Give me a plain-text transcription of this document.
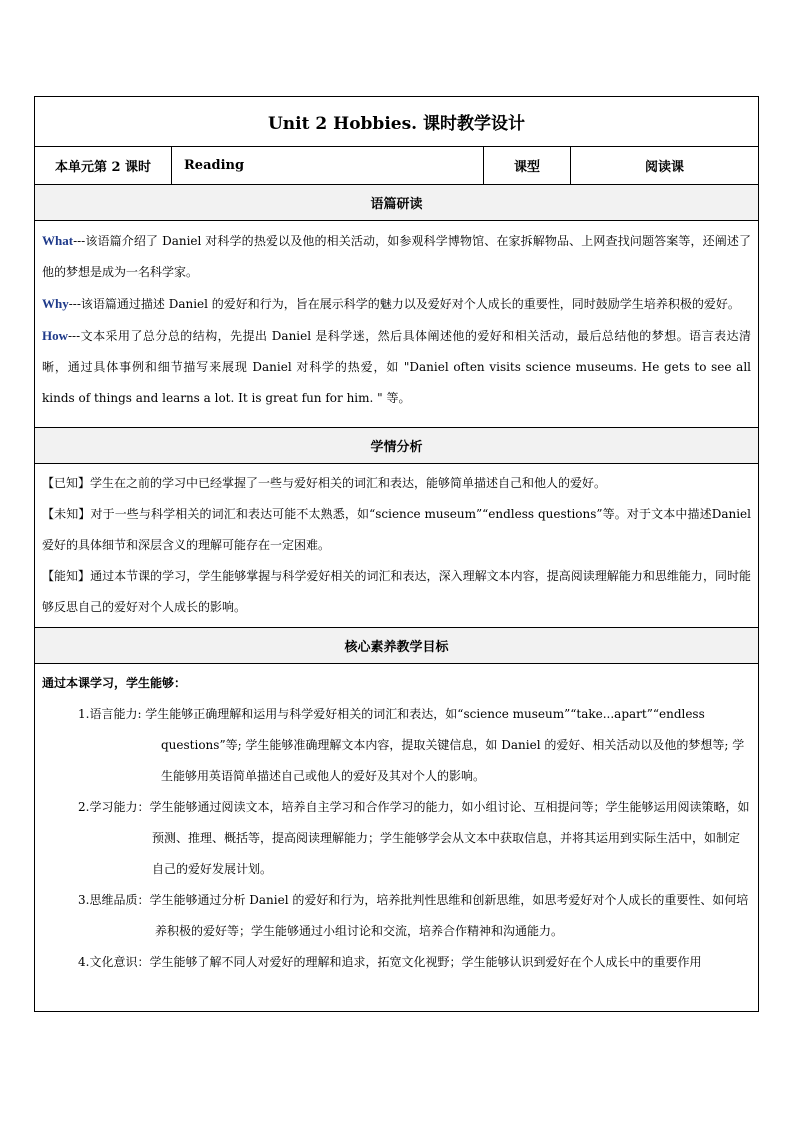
Unit 2 Hobbies. 课时教学设计
本单元第 2 课时	Reading	课型	阅读课
语篇研读

What---该语篇介绍了 Daniel 对科学的热爱以及他的相关活动，如参观科学博物馆、在家拆解物品、上网查找问题答案等，还阐述了他的梦想是成为一名科学家。

Why---该语篇通过描述 Daniel 的爱好和行为，旨在展示科学的魅力以及爱好对个人成长的重要性，同时鼓励学生培养积极的爱好。

How---文本采用了总分总的结构，先提出 Daniel 是科学迷，然后具体阐述他的爱好和相关活动，最后总结他的梦想。语言表达清晰，通过具体事例和细节描写来展现 Daniel 对科学的热爱，如 "Daniel often visits science museums. He gets to see all kinds of things and learns a lot. It is great fun for him. " 等。

学情分析

【已知】学生在之前的学习中已经掌握了一些与爱好相关的词汇和表达，能够简单描述自己和他人的爱好。

【未知】对于一些与科学相关的词汇和表达可能不太熟悉，如“science museum”“endless questions”等。对于文本中描述Daniel爱好的具体细节和深层含义的理解可能存在一定困难。

【能知】通过本节课的学习，学生能够掌握与科学爱好相关的词汇和表达，深入理解文本内容，提高阅读理解能力和思维能力，同时能够反思自己的爱好对个人成长的影响。

核心素养教学目标

通过本课学习，学生能够：

1.语言能力: 学生能够正确理解和运用与科学爱好相关的词汇和表达，如“science museum”“take...apart”“endless questions”等; 学生能够准确理解文本内容，提取关键信息，如 Daniel 的爱好、相关活动以及他的梦想等; 学生能够用英语简单描述自己或他人的爱好及其对个人的影响。

2.学习能力：学生能够通过阅读文本，培养自主学习和合作学习的能力，如小组讨论、互相提问等；学生能够运用阅读策略，如预测、推理、概括等，提高阅读理解能力；学生能够学会从文本中获取信息，并将其运用到实际生活中，如制定自己的爱好发展计划。

3.思维品质：学生能够通过分析 Daniel 的爱好和行为，培养批判性思维和创新思维，如思考爱好对个人成长的重要性、如何培养积极的爱好等；学生能够通过小组讨论和交流，培养合作精神和沟通能力。

4.文化意识：学生能够了解不同人对爱好的理解和追求，拓宽文化视野；学生能够认识到爱好在个人成长中的重要作用
